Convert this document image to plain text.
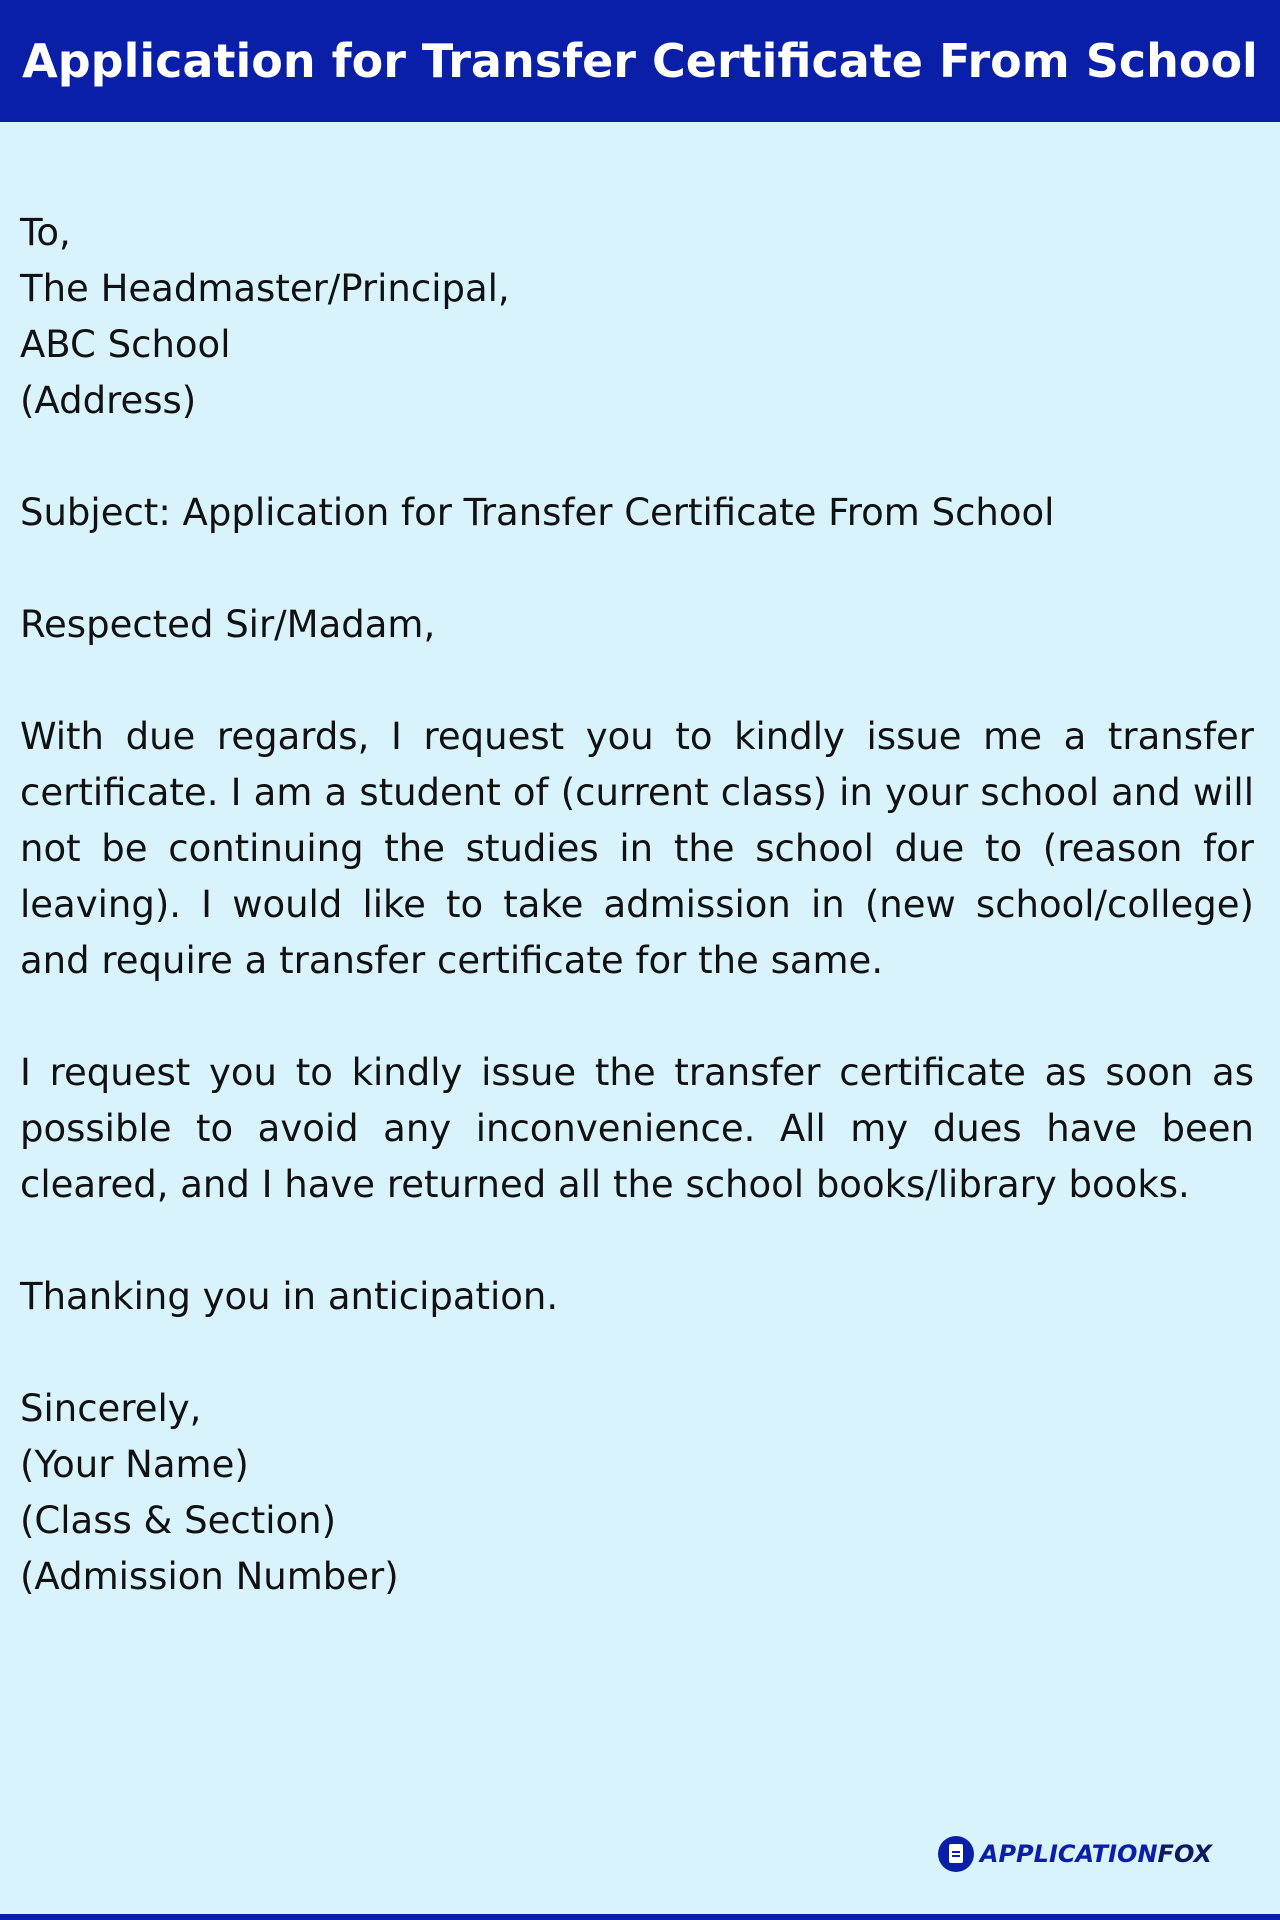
Application for Transfer Certificate From School
To,
The Headmaster/Principal,
ABC School
(Address)
Subject: Application for Transfer Certificate From School
Respected Sir/Madam,
With due regards, I request you to kindly issue me a transfer certificate. I am a student of (current class) in your school and will not be continuing the studies in the school due to (reason for leaving). I would like to take admission in (new school/college) and require a transfer certificate for the same.
I request you to kindly issue the transfer certificate as soon as possible to avoid any inconvenience. All my dues have been cleared, and I have returned all the school books/library books.
Thanking you in anticipation.
Sincerely,
(Your Name)
(Class & Section)
(Admission Number)
APPLICATIONFOX
